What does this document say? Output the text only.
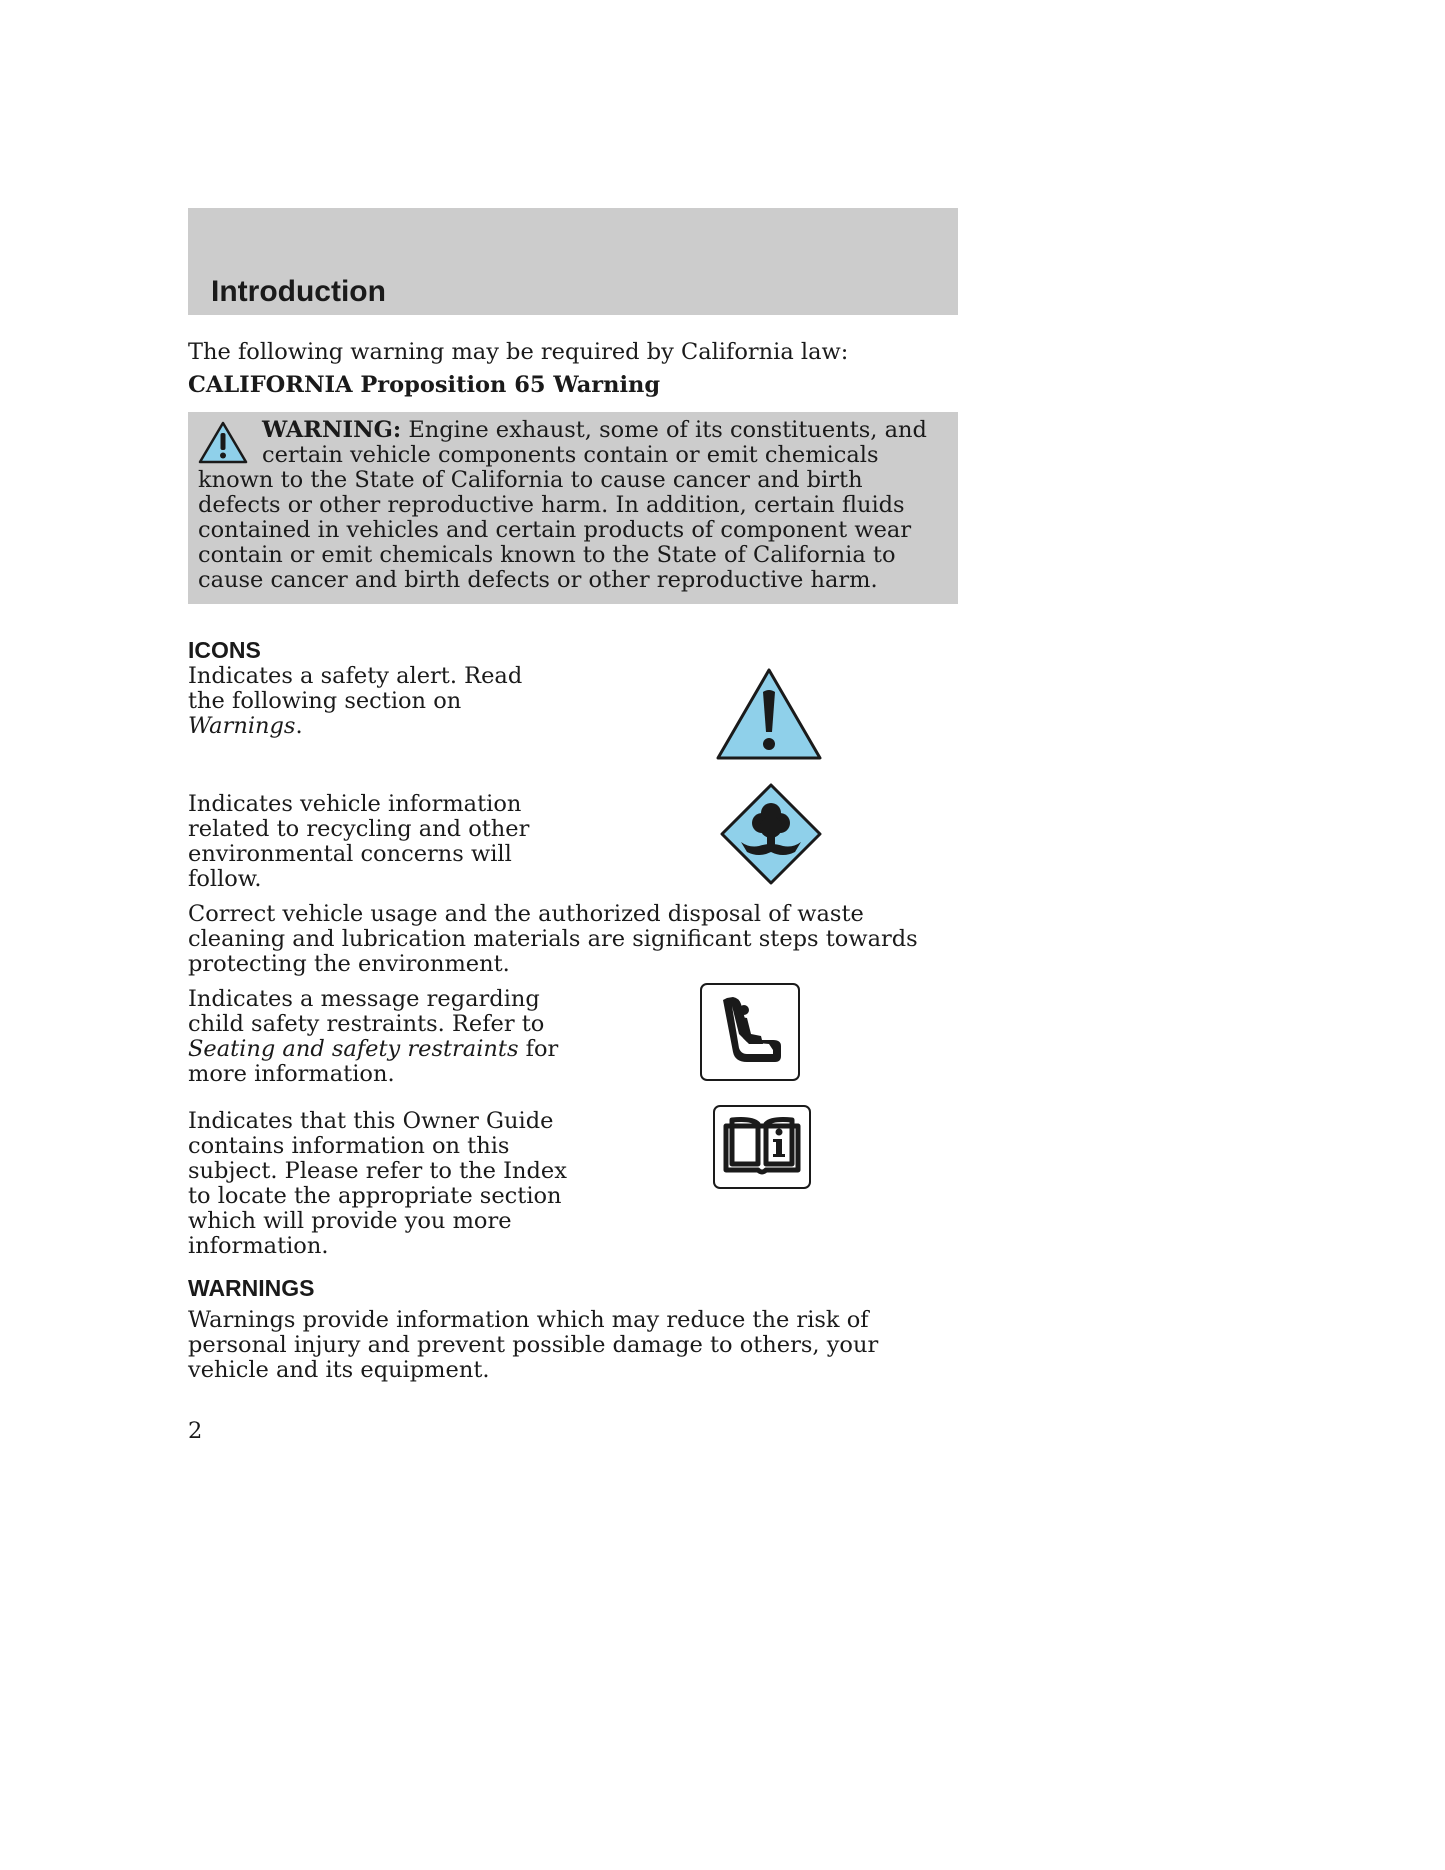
Introduction
The following warning may be required by California law:
CALIFORNIA Proposition 65 Warning
WARNING: Engine exhaust, some of its constituents, and certain vehicle components contain or emit chemicals known to the State of California to cause cancer and birth defects or other reproductive harm. In addition, certain fluids contained in vehicles and certain products of component wear contain or emit chemicals known to the State of California to cause cancer and birth defects or other reproductive harm.
ICONS
Indicates a safety alert. Read the following section on Warnings.
Indicates vehicle information related to recycling and other environmental concerns will follow.
Correct vehicle usage and the authorized disposal of waste cleaning and lubrication materials are significant steps towards protecting the environment.
Indicates a message regarding child safety restraints. Refer to Seating and safety restraints for more information.
Indicates that this Owner Guide contains information on this subject. Please refer to the Index to locate the appropriate section which will provide you more information.
WARNINGS
Warnings provide information which may reduce the risk of personal injury and prevent possible damage to others, your vehicle and its equipment.
2
